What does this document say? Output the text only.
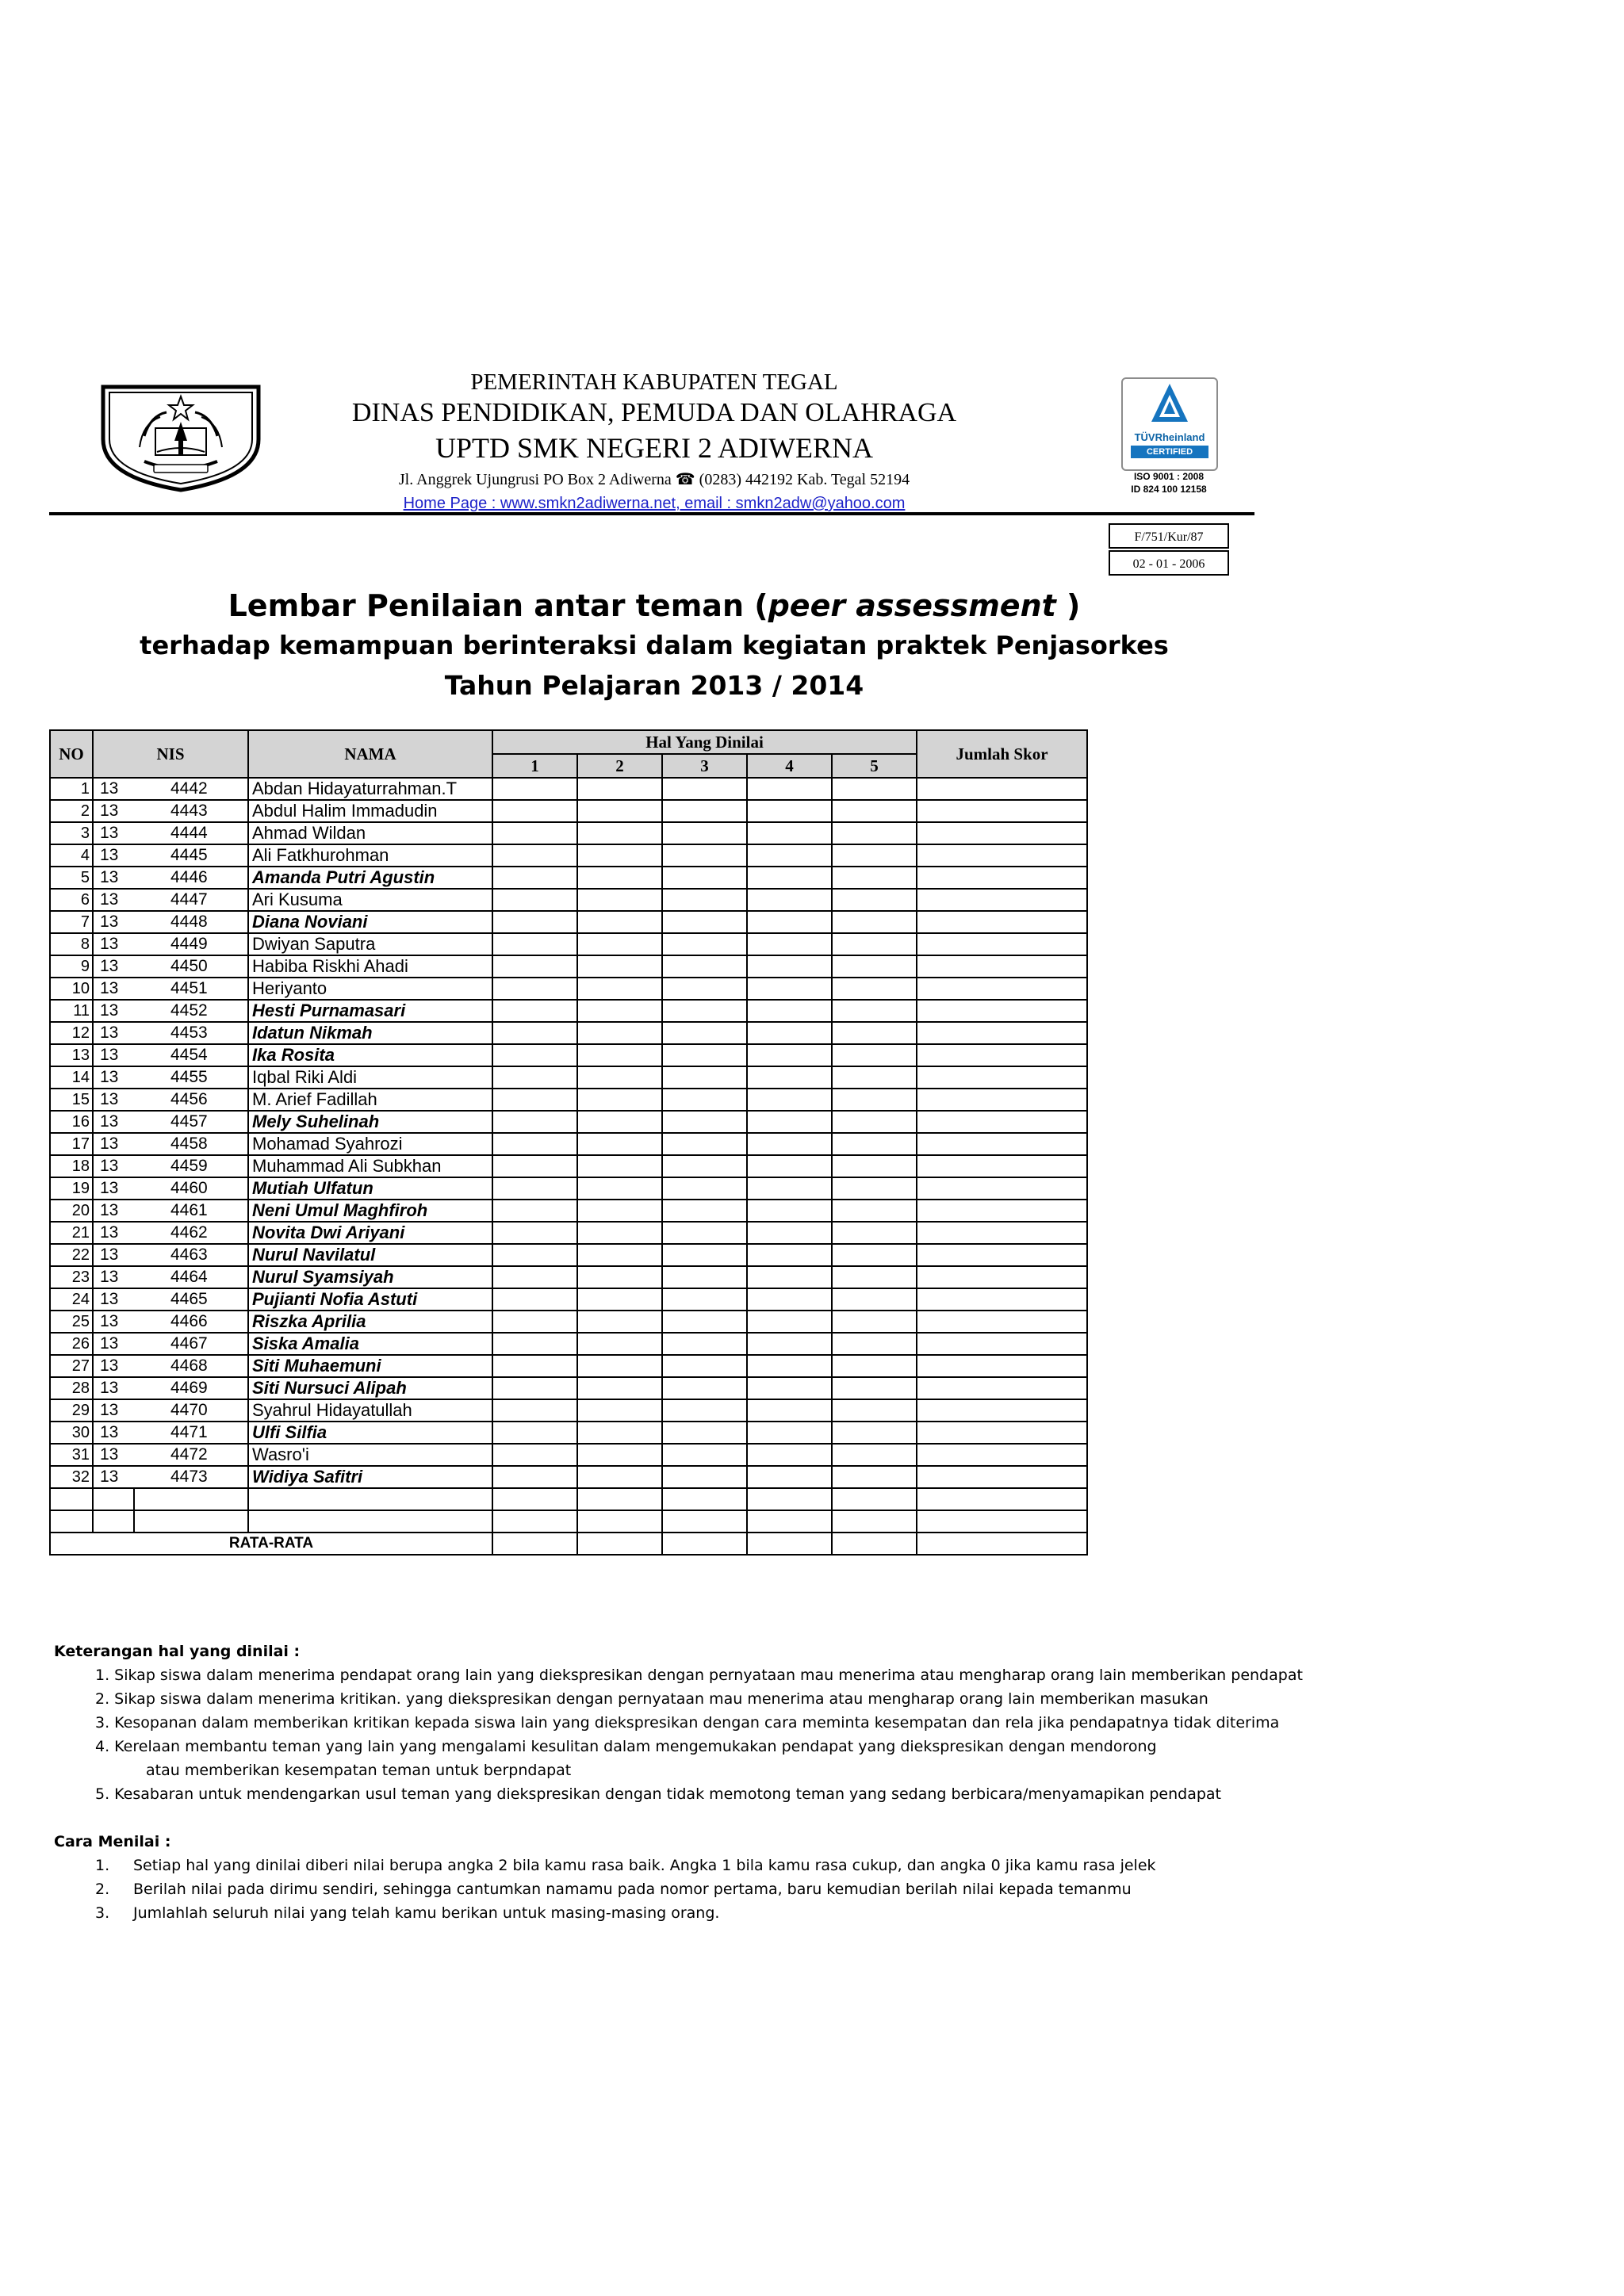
PEMERINTAH KABUPATEN TEGAL
DINAS PENDIDIKAN, PEMUDA DAN OLAHRAGA
UPTD SMK NEGERI 2 ADIWERNA
Jl. Anggrek Ujungrusi PO Box 2 Adiwerna ☎ (0283) 442192 Kab. Tegal 52194
Home Page : www.smkn2adiwerna.net, email : smkn2adw@yahoo.com
TÜVRheinland
CERTIFIED
ISO 9001 : 2008
ID 824 100 12158
F/751/Kur/87
02 - 01 - 2006
Lembar Penilaian antar teman (peer assessment )
terhadap kemampuan berinteraksi dalam kegiatan praktek Penjasorkes
Tahun Pelajaran 2013 / 2014
NO	NIS		NAMA	Hal Yang Dinilai					Jumlah Skor
				1	2	3	4	5	
1	13	4442	Abdan Hidayaturrahman.T						
2	13	4443	Abdul Halim Immadudin						
3	13	4444	Ahmad Wildan						
4	13	4445	Ali Fatkhurohman						
5	13	4446	Amanda Putri Agustin						
6	13	4447	Ari Kusuma						
7	13	4448	Diana Noviani						
8	13	4449	Dwiyan Saputra						
9	13	4450	Habiba Riskhi Ahadi						
10	13	4451	Heriyanto						
11	13	4452	Hesti Purnamasari						
12	13	4453	Idatun Nikmah						
13	13	4454	Ika Rosita						
14	13	4455	Iqbal Riki Aldi						
15	13	4456	M. Arief Fadillah						
16	13	4457	Mely Suhelinah						
17	13	4458	Mohamad Syahrozi						
18	13	4459	Muhammad Ali Subkhan						
19	13	4460	Mutiah Ulfatun						
20	13	4461	Neni Umul Maghfiroh						
21	13	4462	Novita Dwi Ariyani						
22	13	4463	Nurul Navilatul						
23	13	4464	Nurul Syamsiyah						
24	13	4465	Pujianti Nofia Astuti						
25	13	4466	Riszka Aprilia						
26	13	4467	Siska Amalia						
27	13	4468	Siti Muhaemuni						
28	13	4469	Siti Nursuci Alipah						
29	13	4470	Syahrul Hidayatullah						
30	13	4471	Ulfi Silfia						
31	13	4472	Wasro'i						
32	13	4473	Widiya Safitri						

RATA-RATA									
Keterangan hal yang dinilai :
1. Sikap siswa dalam menerima pendapat orang lain yang diekspresikan dengan pernyataan mau menerima atau mengharap orang lain memberikan pendapat
2. Sikap siswa dalam menerima kritikan. yang diekspresikan dengan pernyataan mau menerima atau mengharap orang lain memberikan masukan
3. Kesopanan dalam memberikan kritikan kepada siswa lain yang diekspresikan dengan cara meminta kesempatan dan rela jika pendapatnya tidak diterima
4. Kerelaan membantu teman yang lain yang mengalami kesulitan dalam mengemukakan pendapat yang diekspresikan dengan mendorong
atau memberikan kesempatan teman untuk berpndapat
5. Kesabaran untuk mendengarkan usul teman yang diekspresikan dengan tidak memotong teman yang sedang berbicara/menyamapikan pendapat
Cara Menilai :
1. Setiap hal yang dinilai diberi nilai berupa angka 2 bila kamu rasa baik. Angka 1 bila kamu rasa cukup, dan angka 0 jika kamu rasa jelek
2. Berilah nilai pada dirimu sendiri, sehingga cantumkan namamu pada nomor pertama, baru kemudian berilah nilai kepada temanmu
3. Jumlahlah seluruh nilai yang telah kamu berikan untuk masing-masing orang.
